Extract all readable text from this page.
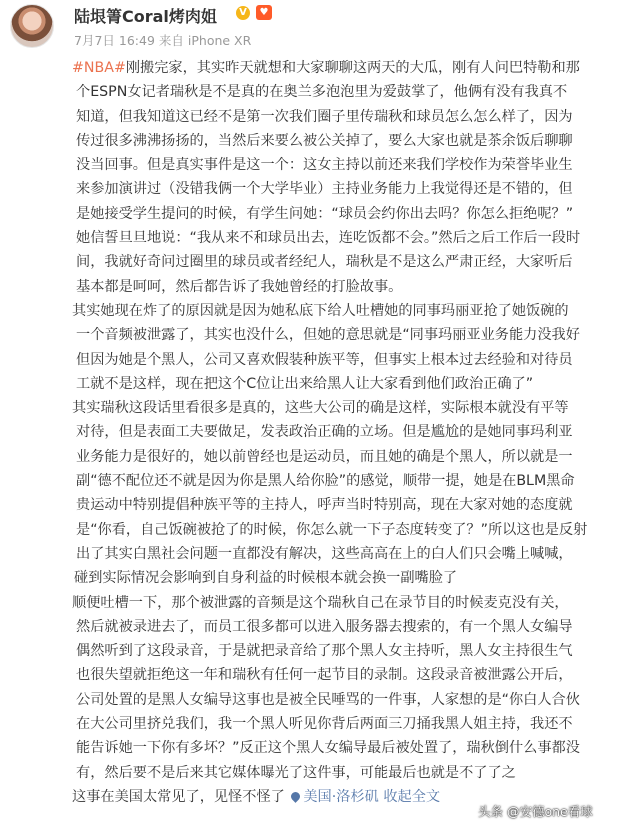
陆垠箐Coral烤肉姐	V	♥
7月7日 16:49 来自 iPhone XR
#NBA#刚搬完家，其实昨天就想和大家聊聊这两天的大瓜，刚有人问巴特勒和那
个ESPN女记者瑞秋是不是真的在奥兰多泡泡里为爱鼓掌了，他俩有没有我真不
知道，但我知道这已经不是第一次我们圈子里传瑞秋和球员怎么怎么样了，因为
传过很多沸沸扬扬的，当然后来要么被公关掉了，要么大家也就是茶余饭后聊聊
没当回事。但是真实事件是这一个：这女主持以前还来我们学校作为荣誉毕业生
来参加演讲过（没错我俩一个大学毕业）主持业务能力上我觉得还是不错的，但
是她接受学生提问的时候，有学生问她：“球员会约你出去吗？你怎么拒绝呢？”
她信誓旦旦地说：“我从来不和球员出去，连吃饭都不会。”然后之后工作后一段时
间，我就好奇问过圈里的球员或者经纪人，瑞秋是不是这么严肃正经，大家听后
基本都是呵呵，然后都告诉了我她曾经的打脸故事。
其实她现在炸了的原因就是因为她私底下给人吐槽她的同事玛丽亚抢了她饭碗的
一个音频被泄露了，其实也没什么，但她的意思就是“同事玛丽亚业务能力没我好
但因为她是个黑人，公司又喜欢假装种族平等，但事实上根本过去经验和对待员
工就不是这样，现在把这个C位让出来给黑人让大家看到他们政治正确了”
其实瑞秋这段话里看很多是真的，这些大公司的确是这样，实际根本就没有平等
对待，但是表面工夫要做足，发表政治正确的立场。但是尴尬的是她同事玛利亚
业务能力是很好的，她以前曾经也是运动员，而且她的确是个黑人，所以就是一
副“德不配位还不就是因为你是黑人给你脸”的感觉，顺带一提，她是在BLM黑命
贵运动中特别提倡种族平等的主持人，呼声当时特别高，现在大家对她的态度就
是“你看，自己饭碗被抢了的时候，你怎么就一下子态度转变了？”所以这也是反射
出了其实白黑社会问题一直都没有解决，这些高高在上的白人们只会嘴上喊喊，
碰到实际情况会影响到自身利益的时候根本就会换一副嘴脸了
顺便吐槽一下，那个被泄露的音频是这个瑞秋自己在录节目的时候麦克没有关，
然后就被录进去了，而员工很多都可以进入服务器去搜索的，有一个黑人女编导
偶然听到了这段录音，于是就把录音给了那个黑人女主持听，黑人女主持很生气
也很失望就拒绝这一年和瑞秋有任何一起节目的录制。这段录音被泄露公开后，
公司处置的是黑人女编导这事也是被全民唾骂的一件事，人家想的是“你白人合伙
在大公司里挤兑我们，我一个黑人听见你背后两面三刀捅我黑人姐主持，我还不
能告诉她一下你有多坏？”反正这个黑人女编导最后被处置了，瑞秋倒什么事都没
有，然后要不是后来其它媒体曝光了这件事，可能最后也就是不了了之
这事在美国太常见了，见怪不怪了 美国·洛杉矶 收起全文
头条 @安德one看球
